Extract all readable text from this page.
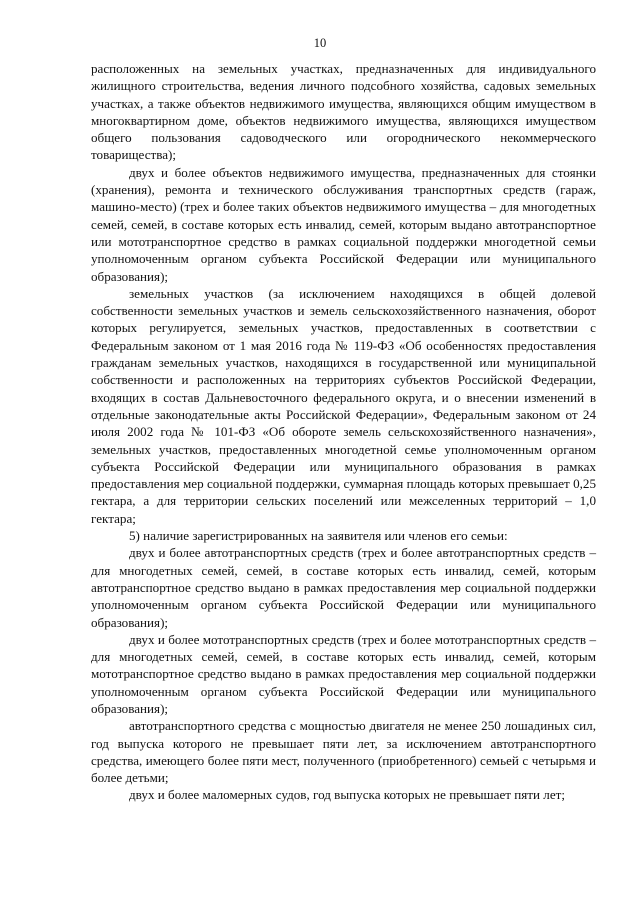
10

расположенных на земельных участках, предназначенных для индивидуального жилищного строительства, ведения личного подсобного хозяйства, садовых земельных участках, а также объектов недвижимого имущества, являющихся общим имуществом в многоквартирном доме, объектов недвижимого имущества, являющихся имуществом общего пользования садоводческого или огороднического некоммерческого товарищества);

двух и более объектов недвижимого имущества, предназначенных для стоянки (хранения), ремонта и технического обслуживания транспортных средств (гараж, машино-место) (трех и более таких объектов недвижимого имущества – для многодетных семей, семей, в составе которых есть инвалид, семей, которым выдано автотранспортное или мототранспортное средство в рамках социальной поддержки многодетной семьи уполномоченным органом субъекта Российской Федерации или муниципального образования);

земельных участков (за исключением находящихся в общей долевой собственности земельных участков и земель сельскохозяйственного назначения, оборот которых регулируется, земельных участков, предоставленных в соответствии с Федеральным законом от 1 мая 2016 года № 119-ФЗ «Об особенностях предоставления гражданам земельных участков, находящихся в государственной или муниципальной собственности и расположенных на территориях субъектов Российской Федерации, входящих в состав Дальневосточного федерального округа, и о внесении изменений в отдельные законодательные акты Российской Федерации», Федеральным законом от 24 июля 2002 года № 101-ФЗ «Об обороте земель сельскохозяйственного назначения», земельных участков, предоставленных многодетной семье уполномоченным органом субъекта Российской Федерации или муниципального образования в рамках предоставления мер социальной поддержки, суммарная площадь которых превышает 0,25 гектара, а для территории сельских поселений или межселенных территорий – 1,0 гектара;

5) наличие зарегистрированных на заявителя или членов его семьи:

двух и более автотранспортных средств (трех и более автотранспортных средств – для многодетных семей, семей, в составе которых есть инвалид, семей, которым автотранспортное средство выдано в рамках предоставления мер социальной поддержки уполномоченным органом субъекта Российской Федерации или муниципального образования);

двух и более мототранспортных средств (трех и более мототранспортных средств – для многодетных семей, семей, в составе которых есть инвалид, семей, которым мототранспортное средство выдано в рамках предоставления мер социальной поддержки уполномоченным органом субъекта Российской Федерации или муниципального образования);

автотранспортного средства с мощностью двигателя не менее 250 лошадиных сил, год выпуска которого не превышает пяти лет, за исключением автотранспортного средства, имеющего более пяти мест, полученного (приобретенного) семьей с четырьмя и более детьми;

двух и более маломерных судов, год выпуска которых не превышает пяти лет;
